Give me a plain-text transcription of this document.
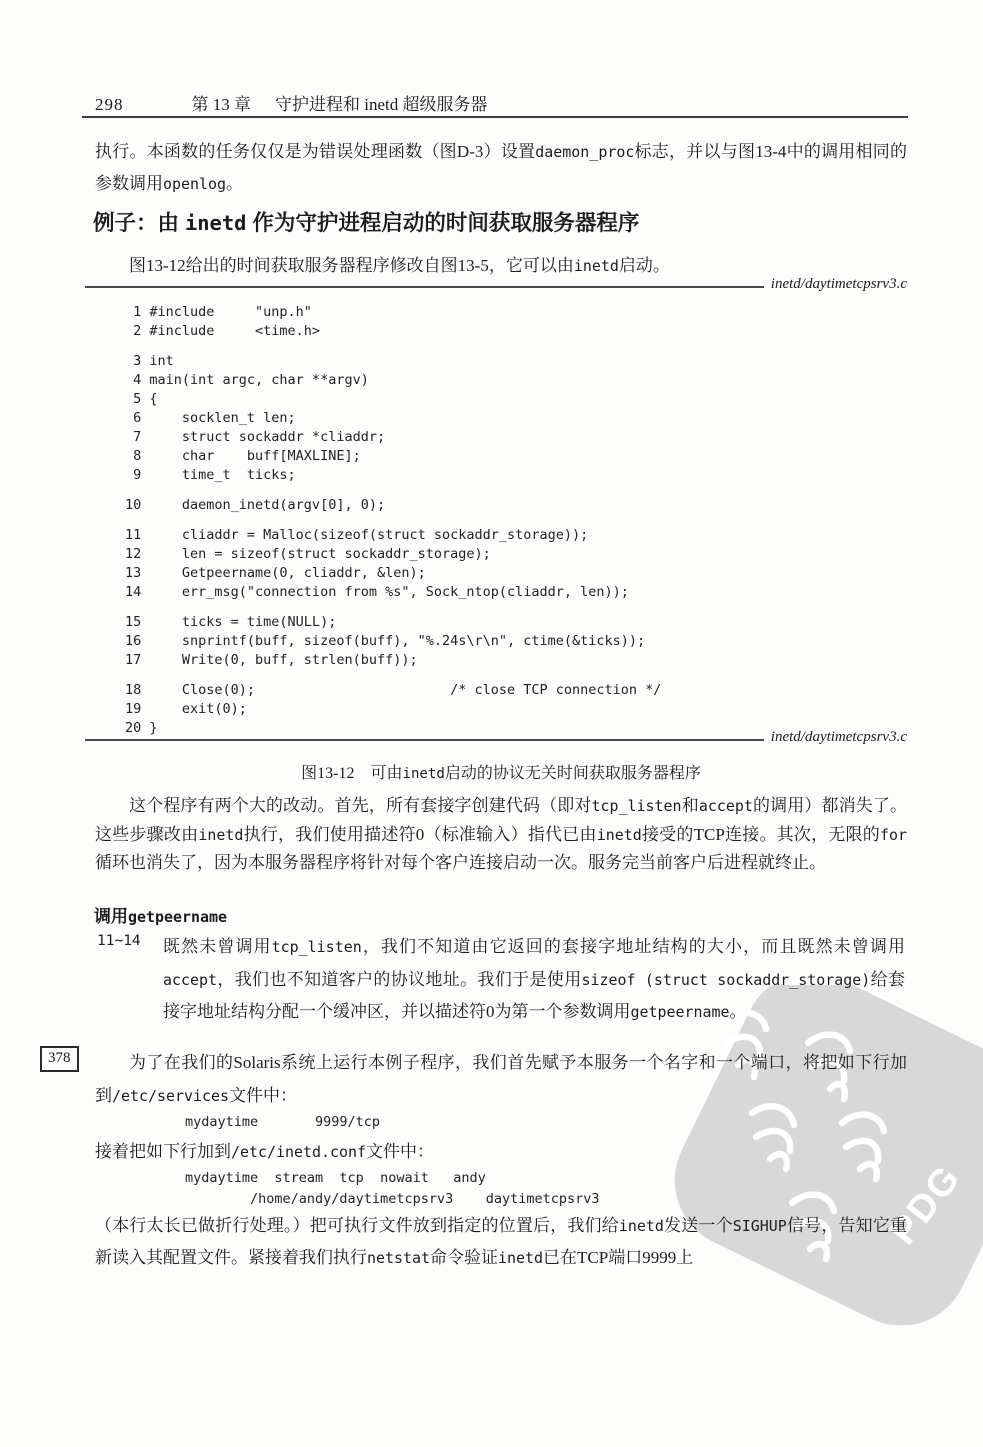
PDG
298	第 13 章 守护进程和 inetd 超级服务器
执行。本函数的任务仅仅是为错误处理函数（图D-3）设置daemon_proc标志，并以与图13-4中的调用相同的参数调用openlog。
例子：由 inetd 作为守护进程启动的时间获取服务器程序
图13-12给出的时间获取服务器程序修改自图13-5，它可以由inetd启动。
inetd/daytimetcpsrv3.c
1 #include     "unp.h"
2 #include     <time.h>
3 int
4 main(int argc, char **argv)
5 {
6     socklen_t len;
7     struct sockaddr *cliaddr;
8     char    buff[MAXLINE];
9     time_t  ticks;
10     daemon_inetd(argv[0], 0);
11     cliaddr = Malloc(sizeof(struct sockaddr_storage));
12     len = sizeof(struct sockaddr_storage);
13     Getpeername(0, cliaddr, &len);
14     err_msg("connection from %s", Sock_ntop(cliaddr, len));
15     ticks = time(NULL);
16     snprintf(buff, sizeof(buff), "%.24s\r\n", ctime(&ticks));
17     Write(0, buff, strlen(buff));
18     Close(0);                        /* close TCP connection */
19     exit(0);
20 }
inetd/daytimetcpsrv3.c
图13-12　可由inetd启动的协议无关时间获取服务器程序
这个程序有两个大的改动。首先，所有套接字创建代码（即对tcp_listen和accept的调用）都消失了。这些步骤改由inetd执行，我们使用描述符0（标准输入）指代已由inetd接受的TCP连接。其次，无限的for循环也消失了，因为本服务器程序将针对每个客户连接启动一次。服务完当前客户后进程就终止。
调用getpeername
11~14 既然未曾调用tcp_listen，我们不知道由它返回的套接字地址结构的大小，而且既然未曾调用accept，我们也不知道客户的协议地址。我们于是使用sizeof (struct sockaddr_storage)给套接字地址结构分配一个缓冲区，并以描述符0为第一个参数调用getpeername。
378	为了在我们的Solaris系统上运行本例子程序，我们首先赋予本服务一个名字和一个端口，将把如下行加到/etc/services文件中：
mydaytime       9999/tcp
接着把如下行加到/etc/inetd.conf文件中：
mydaytime  stream  tcp  nowait   andy
/home/andy/daytimetcpsrv3    daytimetcpsrv3
（本行太长已做折行处理。）把可执行文件放到指定的位置后，我们给inetd发送一个SIGHUP信号，告知它重新读入其配置文件。紧接着我们执行netstat命令验证inetd已在TCP端口9999上
